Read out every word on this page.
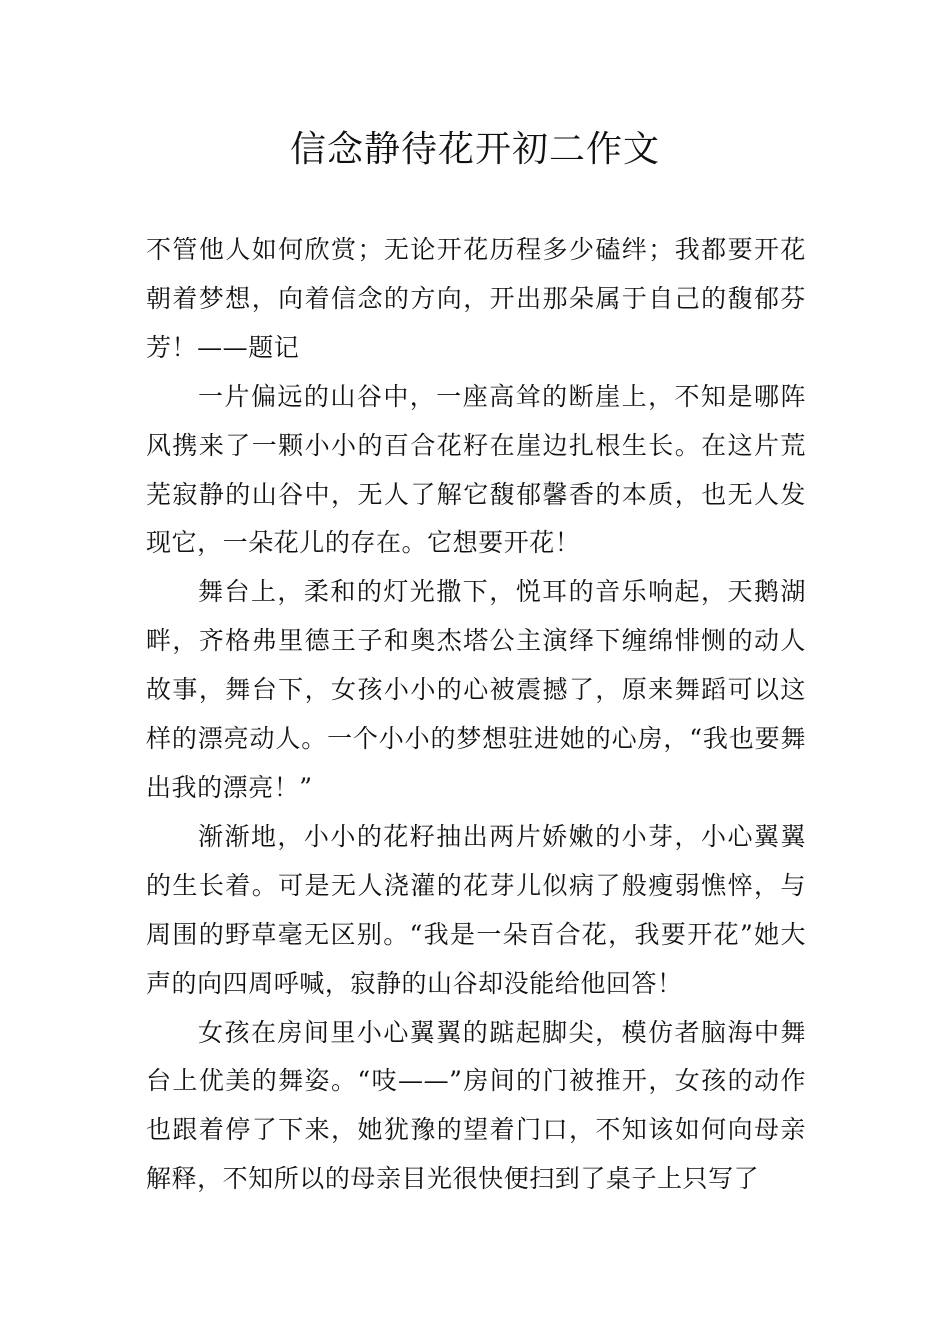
信念静待花开初二作文

不管他人如何欣赏；无论开花历程多少磕绊；我都要开花朝着梦想，向着信念的方向，开出那朵属于自己的馥郁芬芳！——题记

一片偏远的山谷中，一座高耸的断崖上，不知是哪阵风携来了一颗小小的百合花籽在崖边扎根生长。在这片荒芜寂静的山谷中，无人了解它馥郁馨香的本质，也无人发现它，一朵花儿的存在。它想要开花！

舞台上，柔和的灯光撒下，悦耳的音乐响起，天鹅湖畔，齐格弗里德王子和奥杰塔公主演绎下缠绵悱恻的动人故事，舞台下，女孩小小的心被震撼了，原来舞蹈可以这样的漂亮动人。一个小小的梦想驻进她的心房，“我也要舞出我的漂亮！”

渐渐地，小小的花籽抽出两片娇嫩的小芽，小心翼翼的生长着。可是无人浇灌的花芽儿似病了般瘦弱憔悴，与周围的野草毫无区别。“我是一朵百合花，我要开花”她大声的向四周呼喊，寂静的山谷却没能给他回答！

女孩在房间里小心翼翼的踮起脚尖，模仿者脑海中舞台上优美的舞姿。“吱——”房间的门被推开，女孩的动作也跟着停了下来，她犹豫的望着门口，不知该如何向母亲解释，不知所以的母亲目光很快便扫到了桌子上只写了
